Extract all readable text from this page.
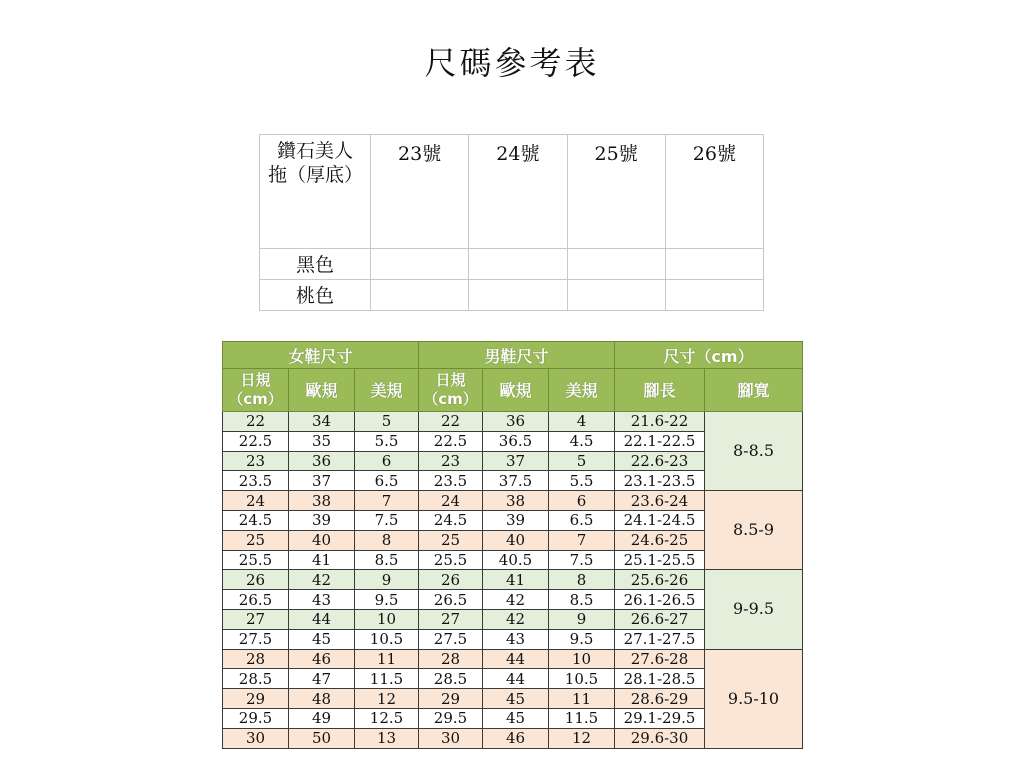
尺碼參考表
鑽石美人拖（厚底）	23號	24號	25號	26號
黑色				
桃色				
女鞋尺寸			男鞋尺寸			尺寸（cm）	
日規（cm）	歐規	美規	日規（cm）	歐規	美規	腳長	腳寬
22	34	5	22	36	4	21.6-22	8-8.5
22.5	35	5.5	22.5	36.5	4.5	22.1-22.5	
23	36	6	23	37	5	22.6-23	
23.5	37	6.5	23.5	37.5	5.5	23.1-23.5	
24	38	7	24	38	6	23.6-24	8.5-9
24.5	39	7.5	24.5	39	6.5	24.1-24.5	
25	40	8	25	40	7	24.6-25	
25.5	41	8.5	25.5	40.5	7.5	25.1-25.5	
26	42	9	26	41	8	25.6-26	9-9.5
26.5	43	9.5	26.5	42	8.5	26.1-26.5	
27	44	10	27	42	9	26.6-27	
27.5	45	10.5	27.5	43	9.5	27.1-27.5	
28	46	11	28	44	10	27.6-28	9.5-10
28.5	47	11.5	28.5	44	10.5	28.1-28.5	
29	48	12	29	45	11	28.6-29	
29.5	49	12.5	29.5	45	11.5	29.1-29.5	
30	50	13	30	46	12	29.6-30	
